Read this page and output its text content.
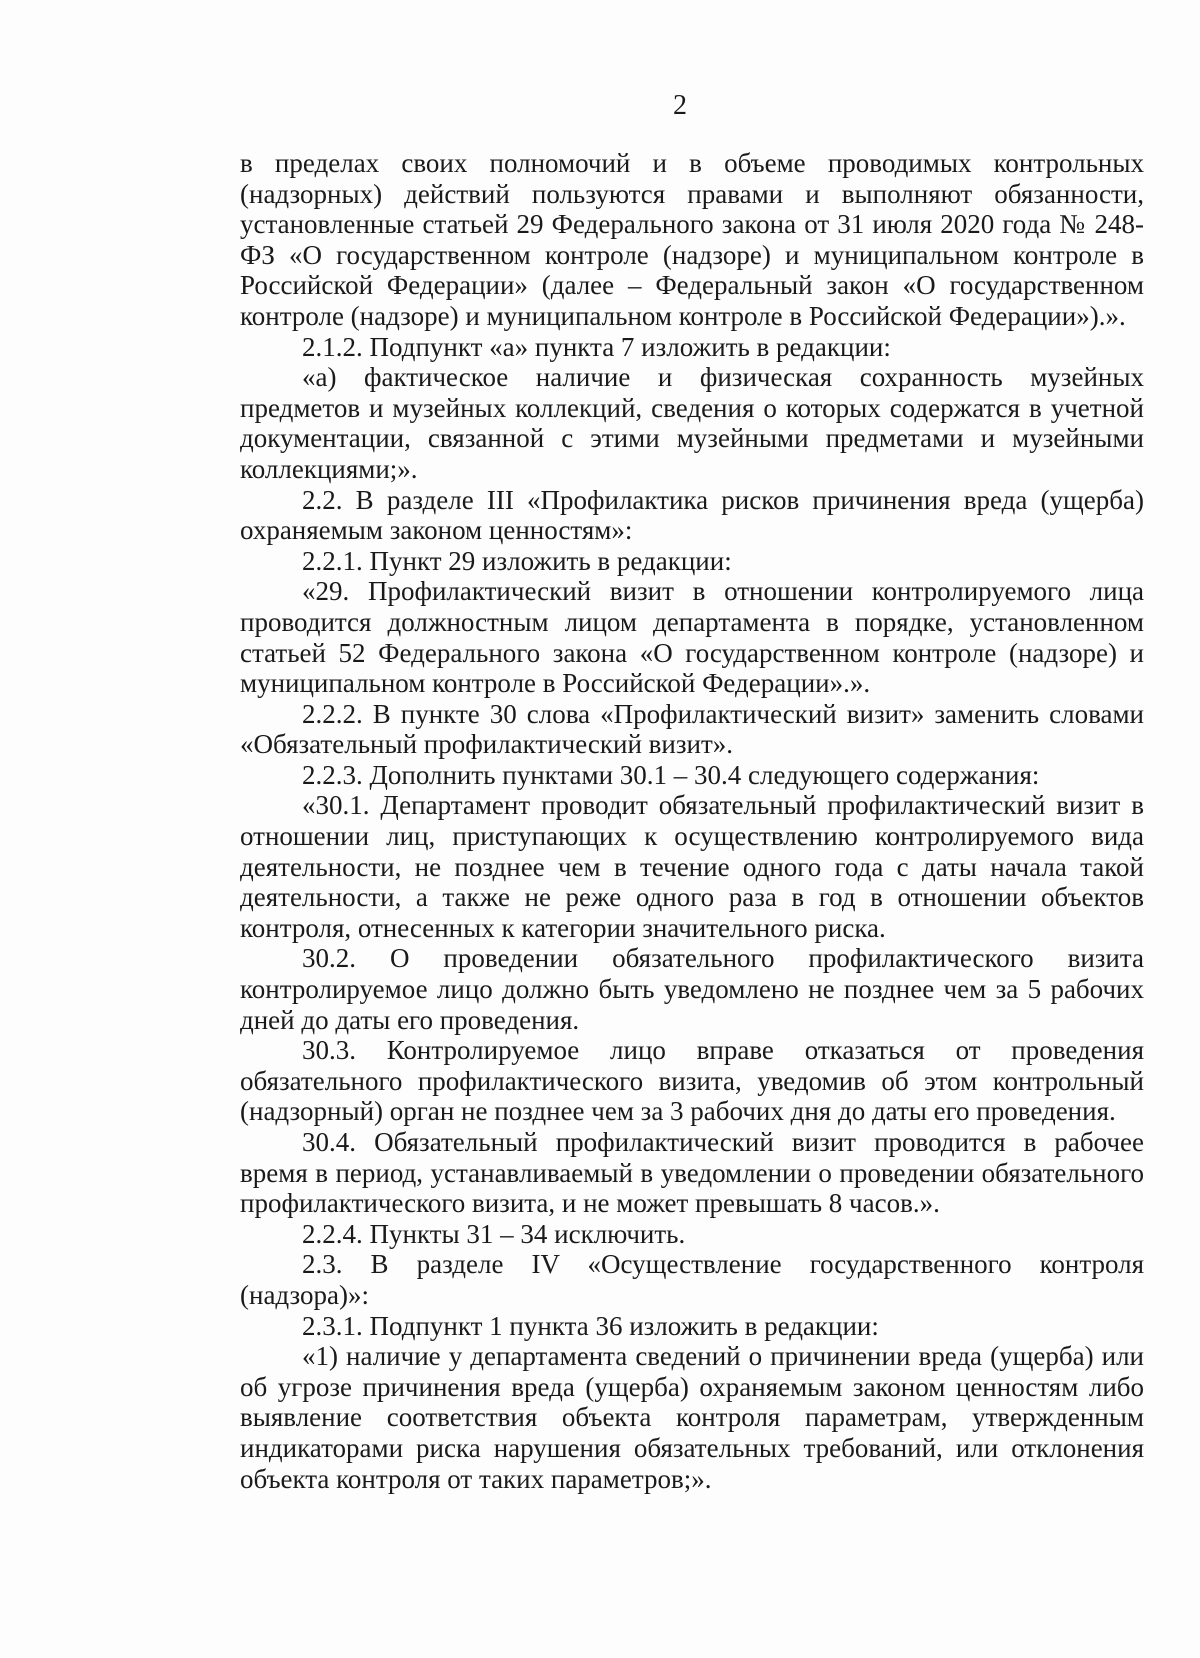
2

в пределах своих полномочий и в объеме проводимых контрольных (надзорных) действий пользуются правами и выполняют обязанности, установленные статьей 29 Федерального закона от 31 июля 2020 года № 248-ФЗ «О государственном контроле (надзоре) и муниципальном контроле в Российской Федерации» (далее – Федеральный закон «О государственном контроле (надзоре) и муниципальном контроле в Российской Федерации»).».

2.1.2. Подпункт «а» пункта 7 изложить в редакции:

«а) фактическое наличие и физическая сохранность музейных предметов и музейных коллекций, сведения о которых содержатся в учетной документации, связанной с этими музейными предметами и музейными коллекциями;».

2.2. В разделе III «Профилактика рисков причинения вреда (ущерба) охраняемым законом ценностям»:

2.2.1. Пункт 29 изложить в редакции:

«29. Профилактический визит в отношении контролируемого лица проводится должностным лицом департамента в порядке, установленном статьей 52 Федерального закона «О государственном контроле (надзоре) и муниципальном контроле в Российской Федерации».».

2.2.2. В пункте 30 слова «Профилактический визит» заменить словами «Обязательный профилактический визит».

2.2.3. Дополнить пунктами 30.1 – 30.4 следующего содержания:

«30.1. Департамент проводит обязательный профилактический визит в отношении лиц, приступающих к осуществлению контролируемого вида деятельности, не позднее чем в течение одного года с даты начала такой деятельности, а также не реже одного раза в год в отношении объектов контроля, отнесенных к категории значительного риска.

30.2. О проведении обязательного профилактического визита контролируемое лицо должно быть уведомлено не позднее чем за 5 рабочих дней до даты его проведения.

30.3. Контролируемое лицо вправе отказаться от проведения обязательного профилактического визита, уведомив об этом контрольный (надзорный) орган не позднее чем за 3 рабочих дня до даты его проведения.

30.4. Обязательный профилактический визит проводится в рабочее время в период, устанавливаемый в уведомлении о проведении обязательного профилактического визита, и не может превышать 8 часов.».

2.2.4. Пункты 31 – 34 исключить.

2.3. В разделе IV «Осуществление государственного контроля (надзора)»:

2.3.1. Подпункт 1 пункта 36 изложить в редакции:

«1) наличие у департамента сведений о причинении вреда (ущерба) или об угрозе причинения вреда (ущерба) охраняемым законом ценностям либо выявление соответствия объекта контроля параметрам, утвержденным индикаторами риска нарушения обязательных требований, или отклонения объекта контроля от таких параметров;».
